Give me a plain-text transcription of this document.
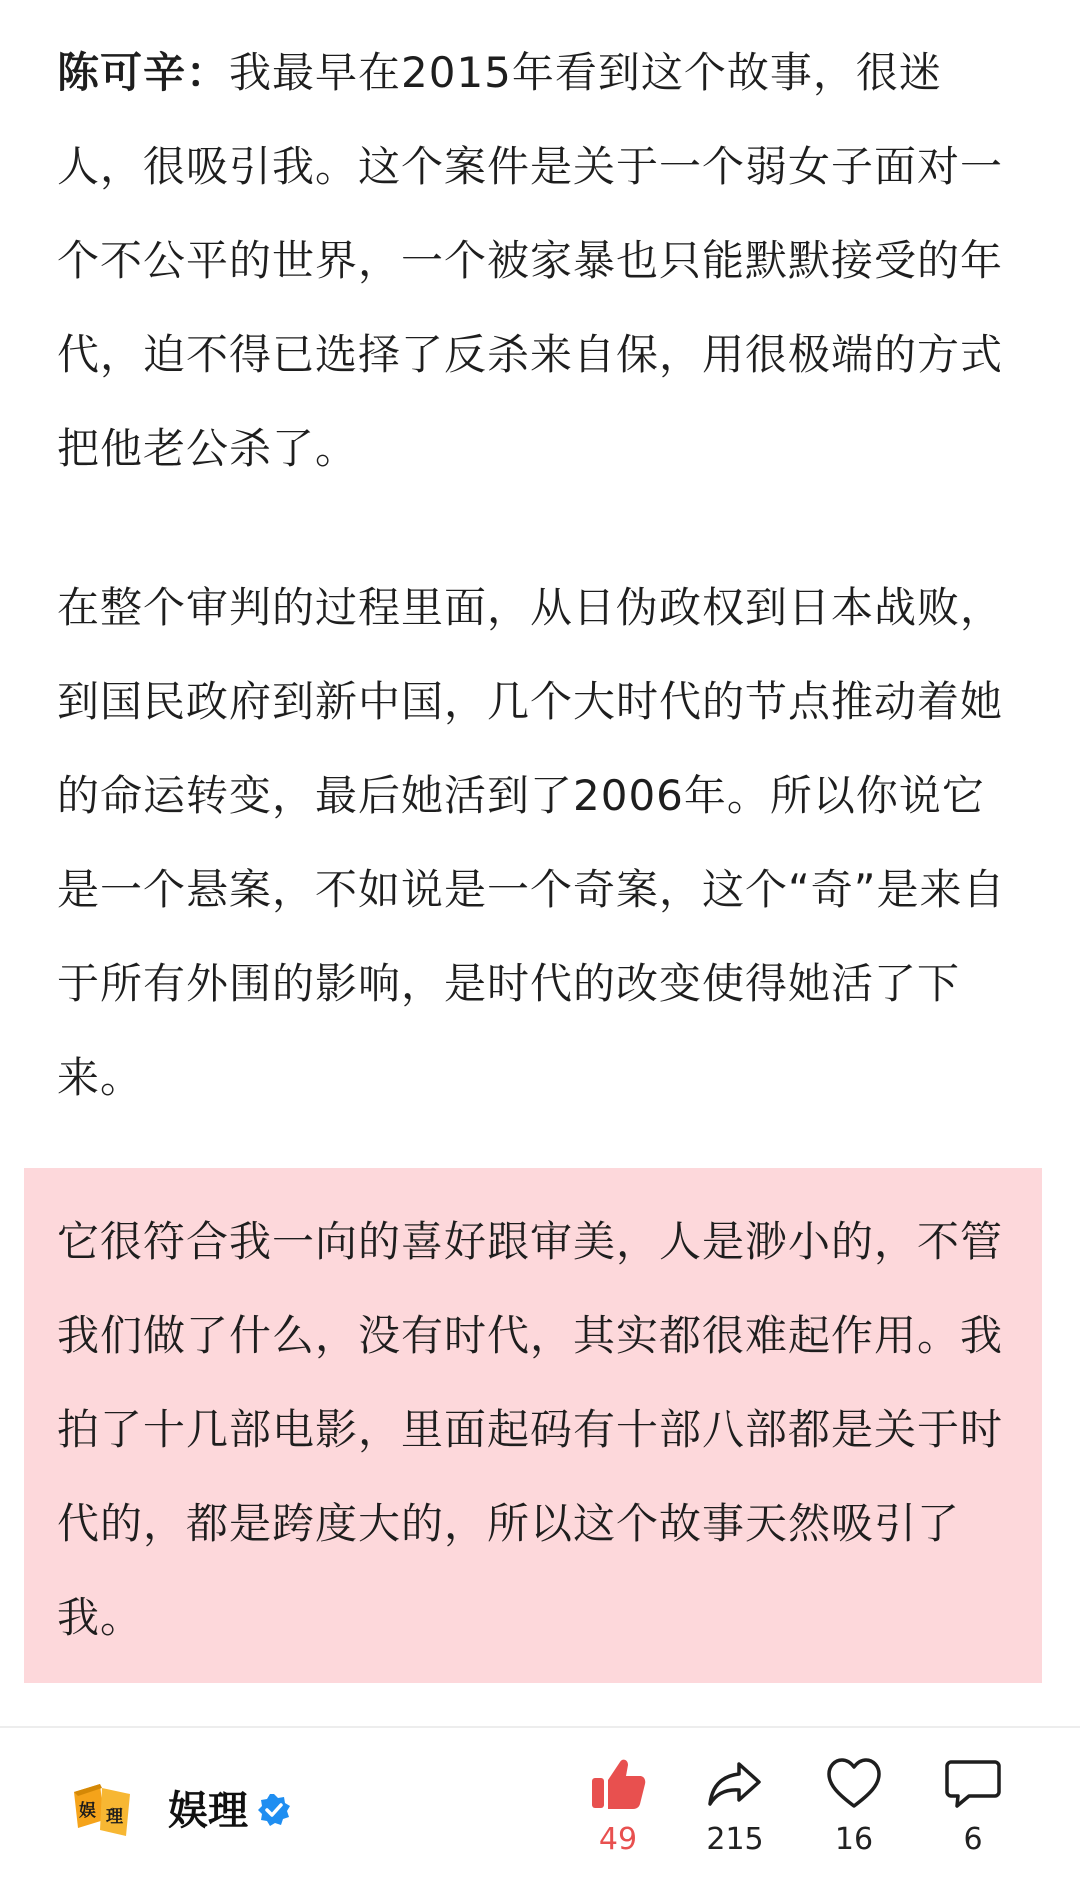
陈可辛：我最早在2015年看到这个故事，很迷人，很吸引我。这个案件是关于一个弱女子面对一个不公平的世界，一个被家暴也只能默默接受的年代，迫不得已选择了反杀来自保，用很极端的方式把他老公杀了。

在整个审判的过程里面，从日伪政权到日本战败，到国民政府到新中国，几个大时代的节点推动着她的命运转变，最后她活到了2006年。所以你说它是一个悬案，不如说是一个奇案，这个“奇”是来自于所有外围的影响，是时代的改变使得她活了下来。

它很符合我一向的喜好跟审美，人是渺小的，不管我们做了什么，没有时代，其实都很难起作用。我拍了十几部电影，里面起码有十部八部都是关于时代的，都是跨度大的，所以这个故事天然吸引了我。

娱 理 娱理
49	215	16	6
